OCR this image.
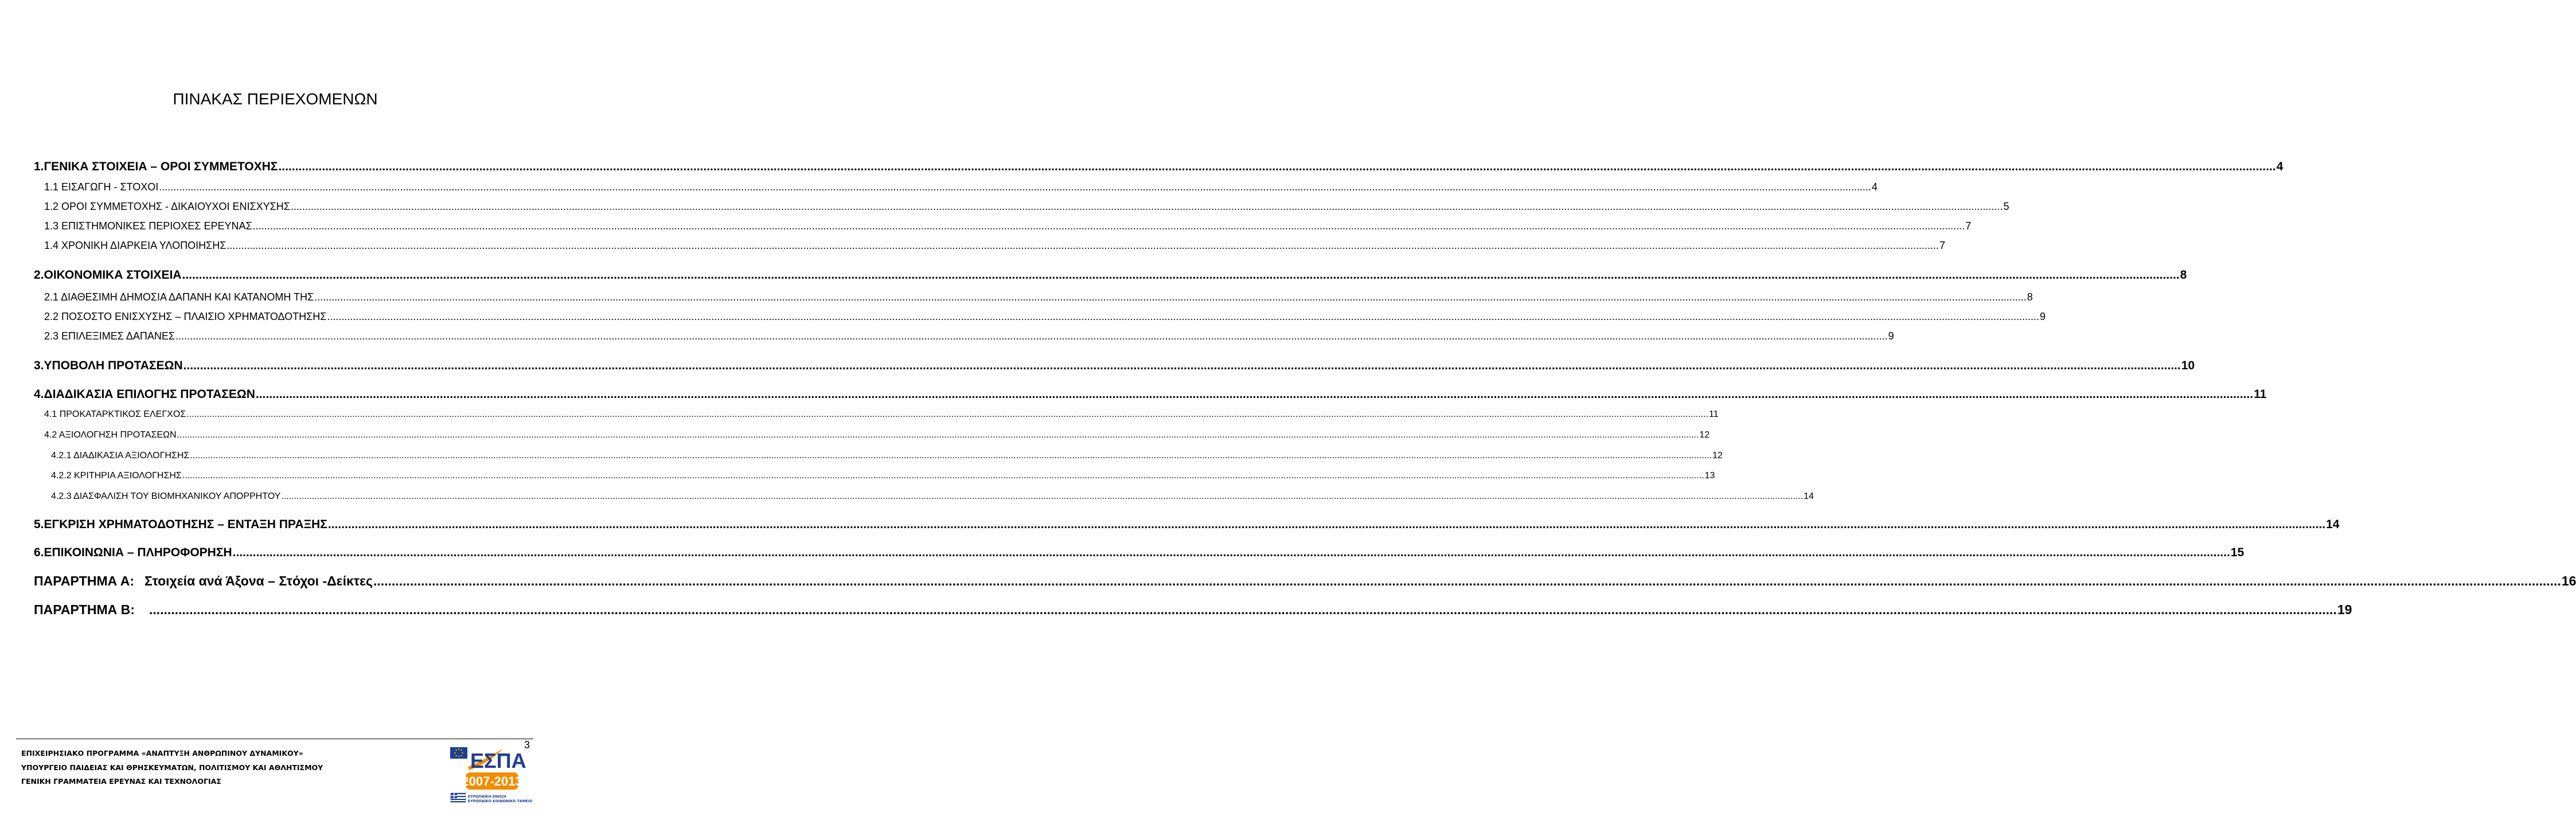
ΠΙΝΑΚΑΣ ΠΕΡΙΕΧΟΜΕΝΩΝ
1.ΓΕΝΙΚΑ ΣΤΟΙΧΕΙΑ – ΟΡΟΙ ΣΥΜΜΕΤΟΧΗΣ ..................................................................................................................................................................................................................................................................................................................................................................................................................................................................................................................................................................................................................... 4
1.1 ΕΙΣΑΓΩΓΗ - ΣΤΟΧΟΙ ..................................................................................................................................................................................................................................................................................................................................................................................................................................................................................................................................................................................................................... 4
1.2 ΟΡΟΙ ΣΥΜΜΕΤΟΧΗΣ - ΔΙΚΑΙΟΥΧΟΙ ΕΝΙΣΧΥΣΗΣ ..................................................................................................................................................................................................................................................................................................................................................................................................................................................................................................................................................................................................................... 5
1.3 ΕΠΙΣΤΗΜΟΝΙΚΕΣ ΠΕΡΙΟΧΕΣ ΕΡΕΥΝΑΣ ..................................................................................................................................................................................................................................................................................................................................................................................................................................................................................................................................................................................................................... 7
1.4 ΧΡΟΝΙΚΗ ΔΙΑΡΚΕΙΑ ΥΛΟΠΟΙΗΣΗΣ ..................................................................................................................................................................................................................................................................................................................................................................................................................................................................................................................................................................................................................... 7
2.ΟΙΚΟΝΟΜΙΚΑ ΣΤΟΙΧΕΙΑ ..................................................................................................................................................................................................................................................................................................................................................................................................................................................................................................................................................................................................................... 8
2.1 ΔΙΑΘΕΣΙΜΗ ΔΗΜΟΣΙΑ ΔΑΠΑΝΗ ΚΑΙ ΚΑΤΑΝΟΜΗ ΤΗΣ ..................................................................................................................................................................................................................................................................................................................................................................................................................................................................................................................................................................................................................... 8
2.2 ΠΟΣΟΣΤΟ ΕΝΙΣΧΥΣΗΣ – ΠΛΑΙΣΙΟ ΧΡΗΜΑΤΟΔΟΤΗΣΗΣ ..................................................................................................................................................................................................................................................................................................................................................................................................................................................................................................................................................................................................................... 9
2.3 ΕΠΙΛΕΞΙΜΕΣ ΔΑΠΑΝΕΣ ..................................................................................................................................................................................................................................................................................................................................................................................................................................................................................................................................................................................................................... 9
3.ΥΠΟΒΟΛΗ ΠΡΟΤΑΣΕΩΝ ..................................................................................................................................................................................................................................................................................................................................................................................................................................................................................................................................................................................................................... 10
4.ΔΙΑΔΙΚΑΣΙΑ ΕΠΙΛΟΓΗΣ ΠΡΟΤΑΣΕΩΝ ..................................................................................................................................................................................................................................................................................................................................................................................................................................................................................................................................................................................................................... 11
4.1 ΠΡΟΚΑΤΑΡΚΤΙΚΟΣ ΕΛΕΓΧΟΣ ..................................................................................................................................................................................................................................................................................................................................................................................................................................................................................................................................................................................................................... 11
4.2 ΑΞΙΟΛΟΓΗΣΗ ΠΡΟΤΑΣΕΩΝ ..................................................................................................................................................................................................................................................................................................................................................................................................................................................................................................................................................................................................................... 12
4.2.1 ΔΙΑΔΙΚΑΣΙΑ ΑΞΙΟΛΟΓΗΣΗΣ ..................................................................................................................................................................................................................................................................................................................................................................................................................................................................................................................................................................................................................... 12
4.2.2 ΚΡΙΤΗΡΙΑ ΑΞΙΟΛΟΓΗΣΗΣ ..................................................................................................................................................................................................................................................................................................................................................................................................................................................................................................................................................................................................................... 13
4.2.3 ΔΙΑΣΦΑΛΙΣΗ ΤΟΥ ΒΙΟΜΗΧΑΝΙΚΟΥ ΑΠΟΡΡΗΤΟΥ ..................................................................................................................................................................................................................................................................................................................................................................................................................................................................................................................................................................................................................... 14
5.ΕΓΚΡΙΣΗ ΧΡΗΜΑΤΟΔΟΤΗΣΗΣ – ΕΝΤΑΞΗ ΠΡΑΞΗΣ ..................................................................................................................................................................................................................................................................................................................................................................................................................................................................................................................................................................................................................... 14
6.ΕΠΙΚΟΙΝΩΝΙΑ – ΠΛΗΡΟΦΟΡΗΣΗ ..................................................................................................................................................................................................................................................................................................................................................................................................................................................................................................................................................................................................................... 15
ΠΑΡΑΡΤΗΜΑ Α: Στοιχεία ανά Άξονα – Στόχοι -Δείκτες ..................................................................................................................................................................................................................................................................................................................................................................................................................................................................................................................................................................................................................... 16
ΠΑΡΑΡΤΗΜΑ Β: ..................................................................................................................................................................................................................................................................................................................................................................................................................................................................................................................................................................................................................... 19
3
ΕΠΙΧΕΙΡΗΣΙΑΚΟ ΠΡΟΓΡΑΜΜΑ «ΑΝΑΠΤΥΞΗ ΑΝΘΡΩΠΙΝΟΥ ΔΥΝΑΜΙΚΟΥ»
ΥΠΟΥΡΓΕΙΟ ΠΑΙΔΕΙΑΣ ΚΑΙ ΘΡΗΣΚΕΥΜΑΤΩΝ, ΠΟΛΙΤΙΣΜΟΥ ΚΑΙ ΑΘΛΗΤΙΣΜΟΥ
ΓΕΝΙΚΗ ΓΡΑΜΜΑΤΕΙΑ ΕΡΕΥΝΑΣ ΚΑΙ ΤΕΧΝΟΛΟΓΙΑΣ
ΕΣΠΑ
2007-2013
ΕΥΡΩΠΑΪΚΗ ΕΝΩΣΗ
ΕΥΡΩΠΑΪΚΟ ΚΟΙΝΩΝΙΚΟ ΤΑΜΕΙΟ
